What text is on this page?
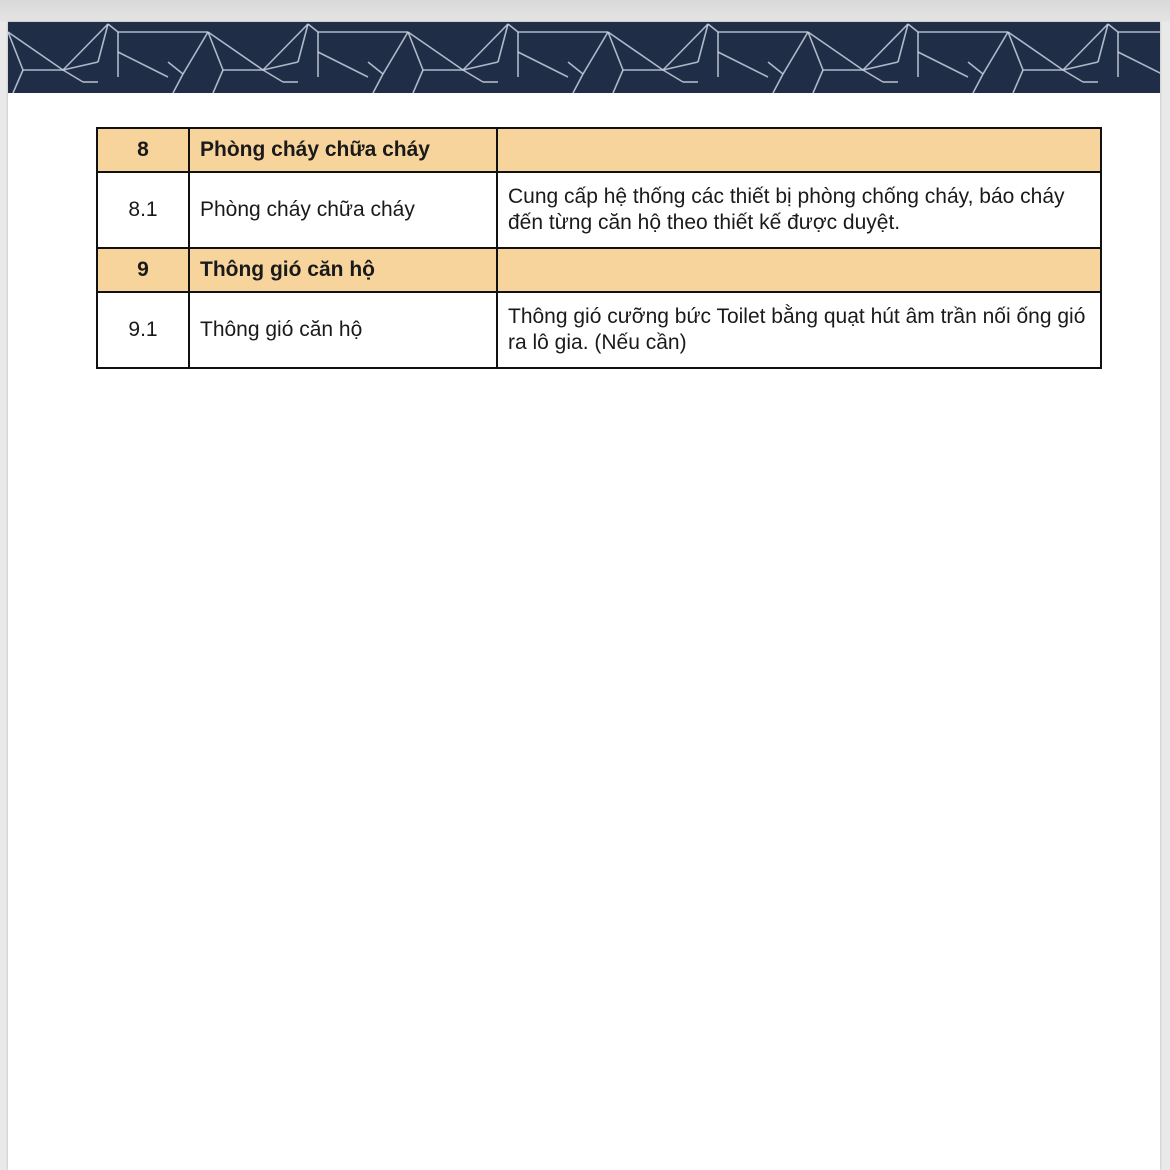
8	Phòng cháy chữa cháy	
8.1	Phòng cháy chữa cháy	Cung cấp hệ thống các thiết bị phòng chống cháy, báo cháy đến từng căn hộ theo thiết kế được duyệt.
9	Thông gió căn hộ	
9.1	Thông gió căn hộ	Thông gió cưỡng bức Toilet bằng quạt hút âm trần nối ống gió ra lô gia. (Nếu cần)
